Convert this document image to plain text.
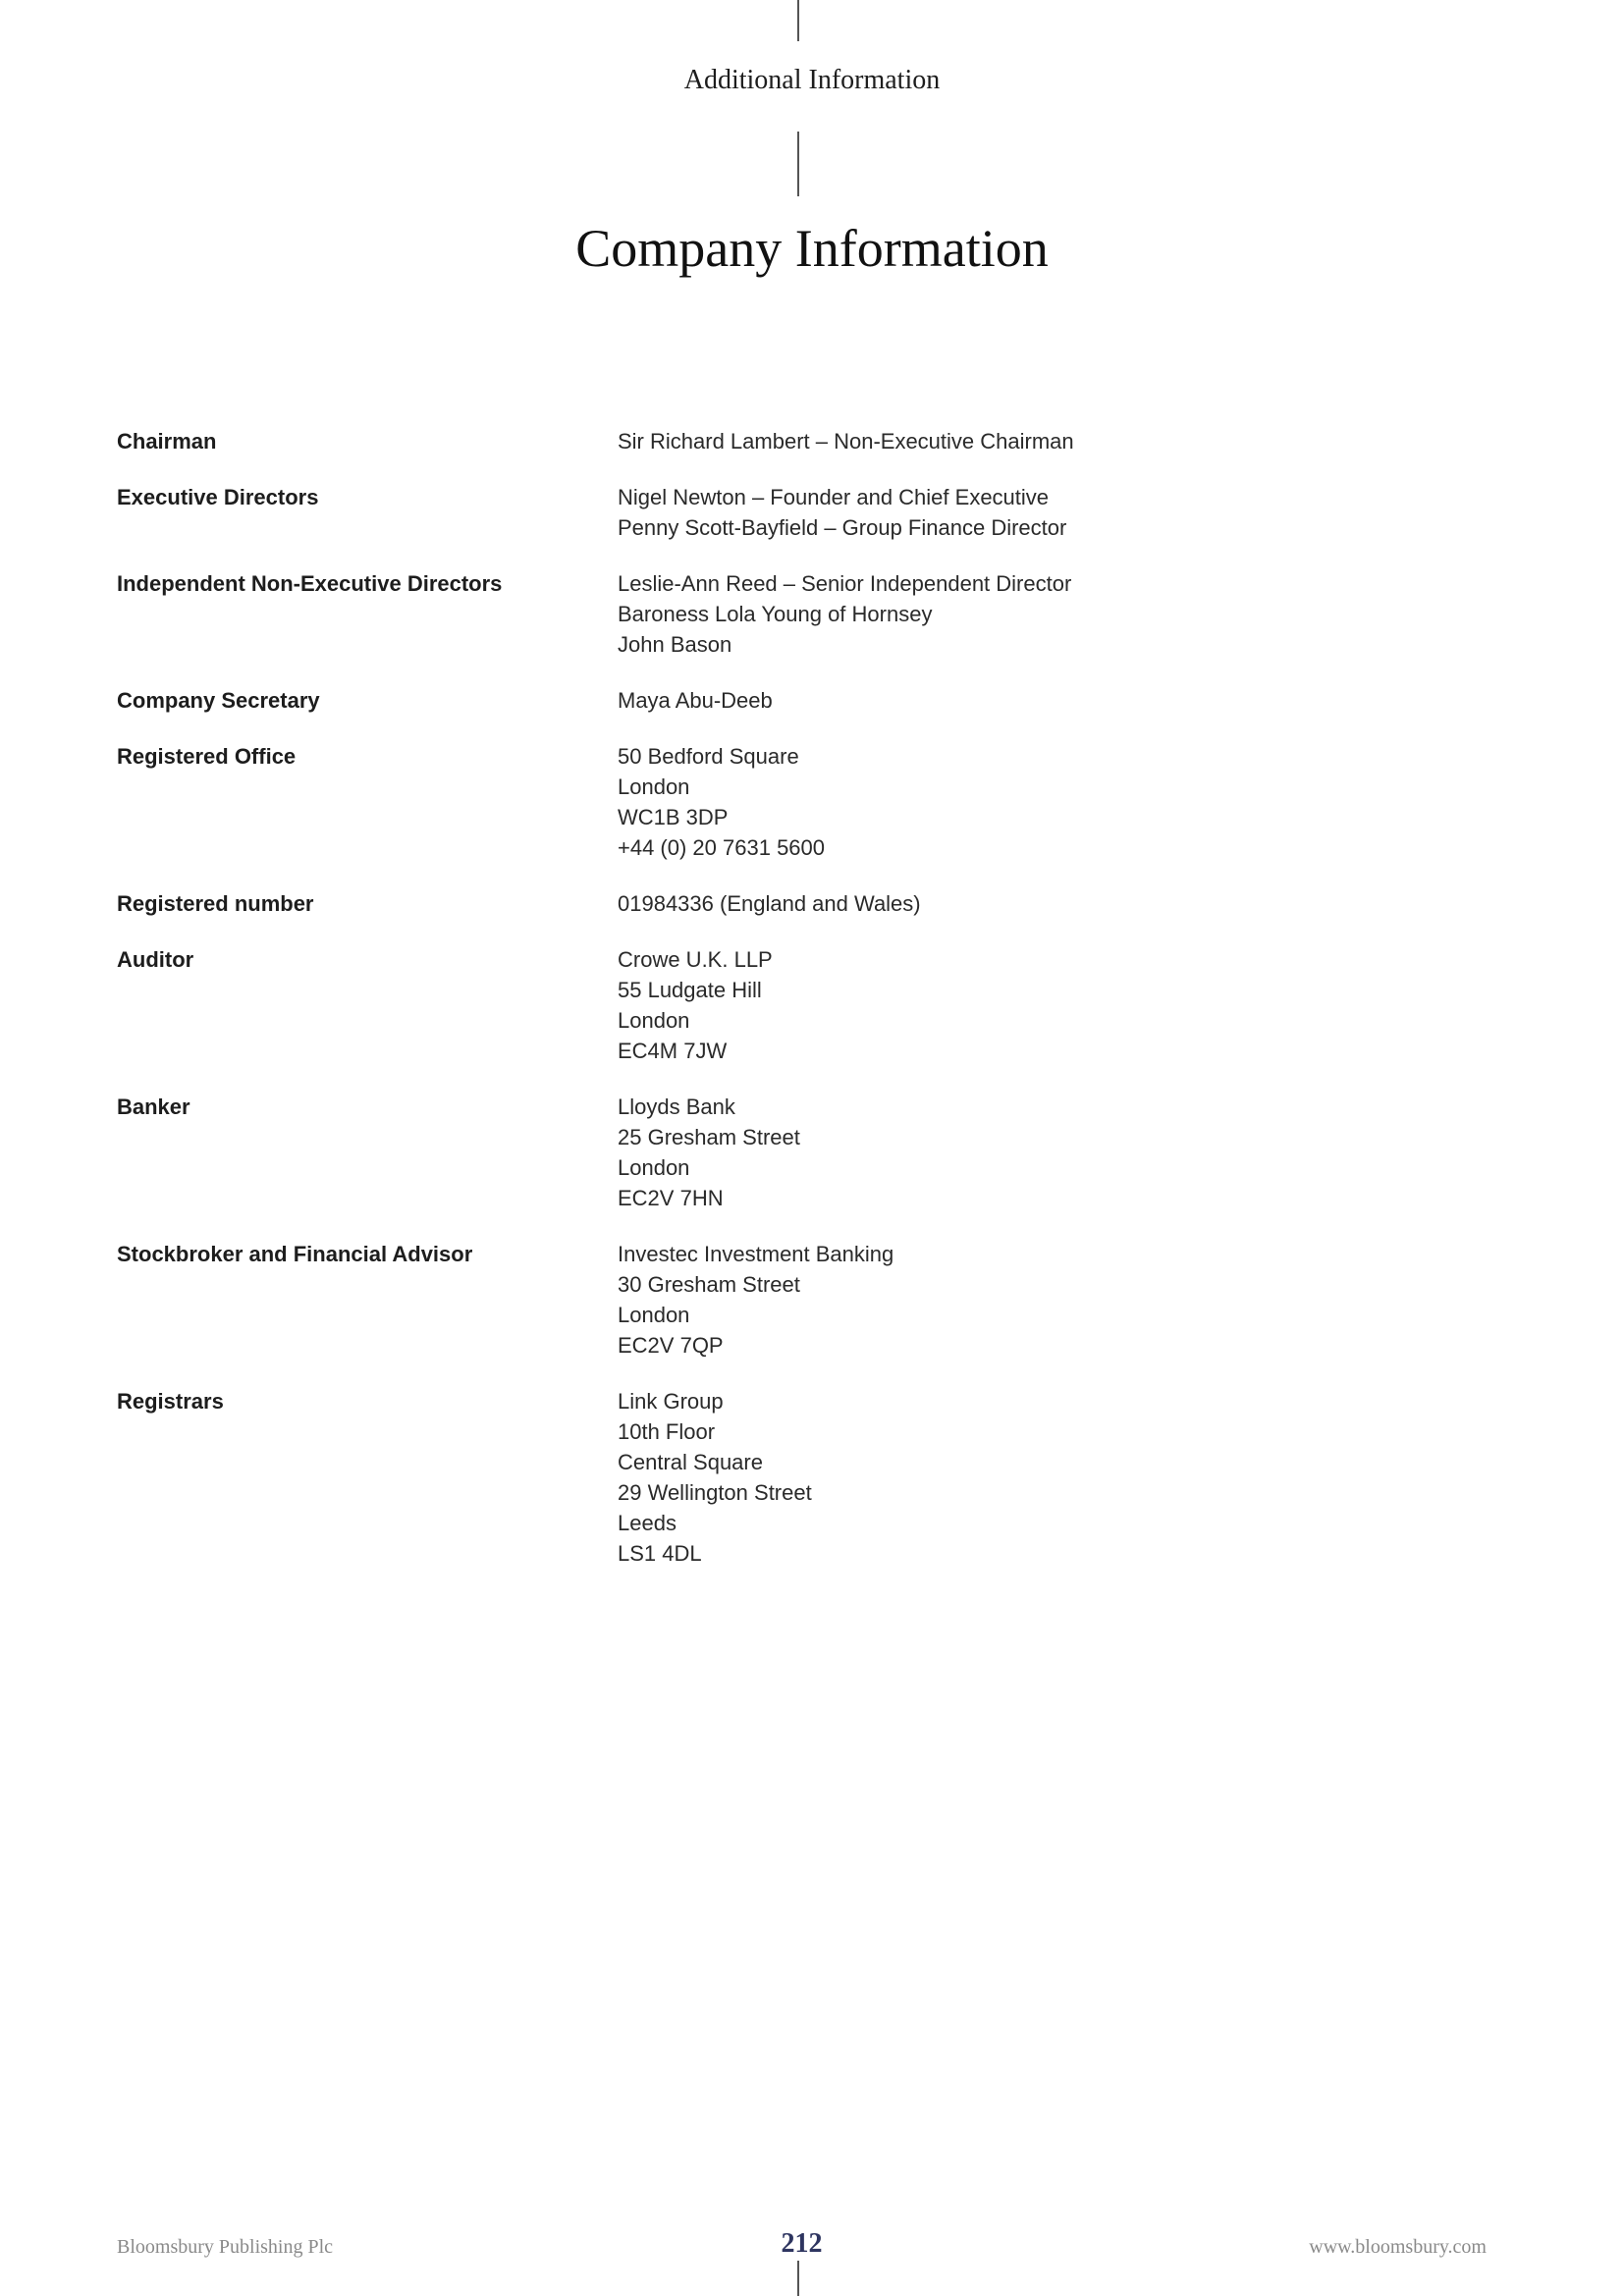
Additional Information
Company Information
Chairman	Sir Richard Lambert – Non-Executive Chairman
Executive Directors	Nigel Newton – Founder and Chief Executive
Penny Scott-Bayfield – Group Finance Director
Independent Non-Executive Directors	Leslie-Ann Reed – Senior Independent Director
Baroness Lola Young of Hornsey
John Bason
Company Secretary	Maya Abu-Deeb
Registered Office	50 Bedford Square
London
WC1B 3DP
+44 (0) 20 7631 5600
Registered number	01984336 (England and Wales)
Auditor	Crowe U.K. LLP
55 Ludgate Hill
London
EC4M 7JW
Banker	Lloyds Bank
25 Gresham Street
London
EC2V 7HN
Stockbroker and Financial Advisor	Investec Investment Banking
30 Gresham Street
London
EC2V 7QP
Registrars	Link Group
10th Floor
Central Square
29 Wellington Street
Leeds
LS1 4DL
Bloomsbury Publishing Plc	212	www.bloomsbury.com
